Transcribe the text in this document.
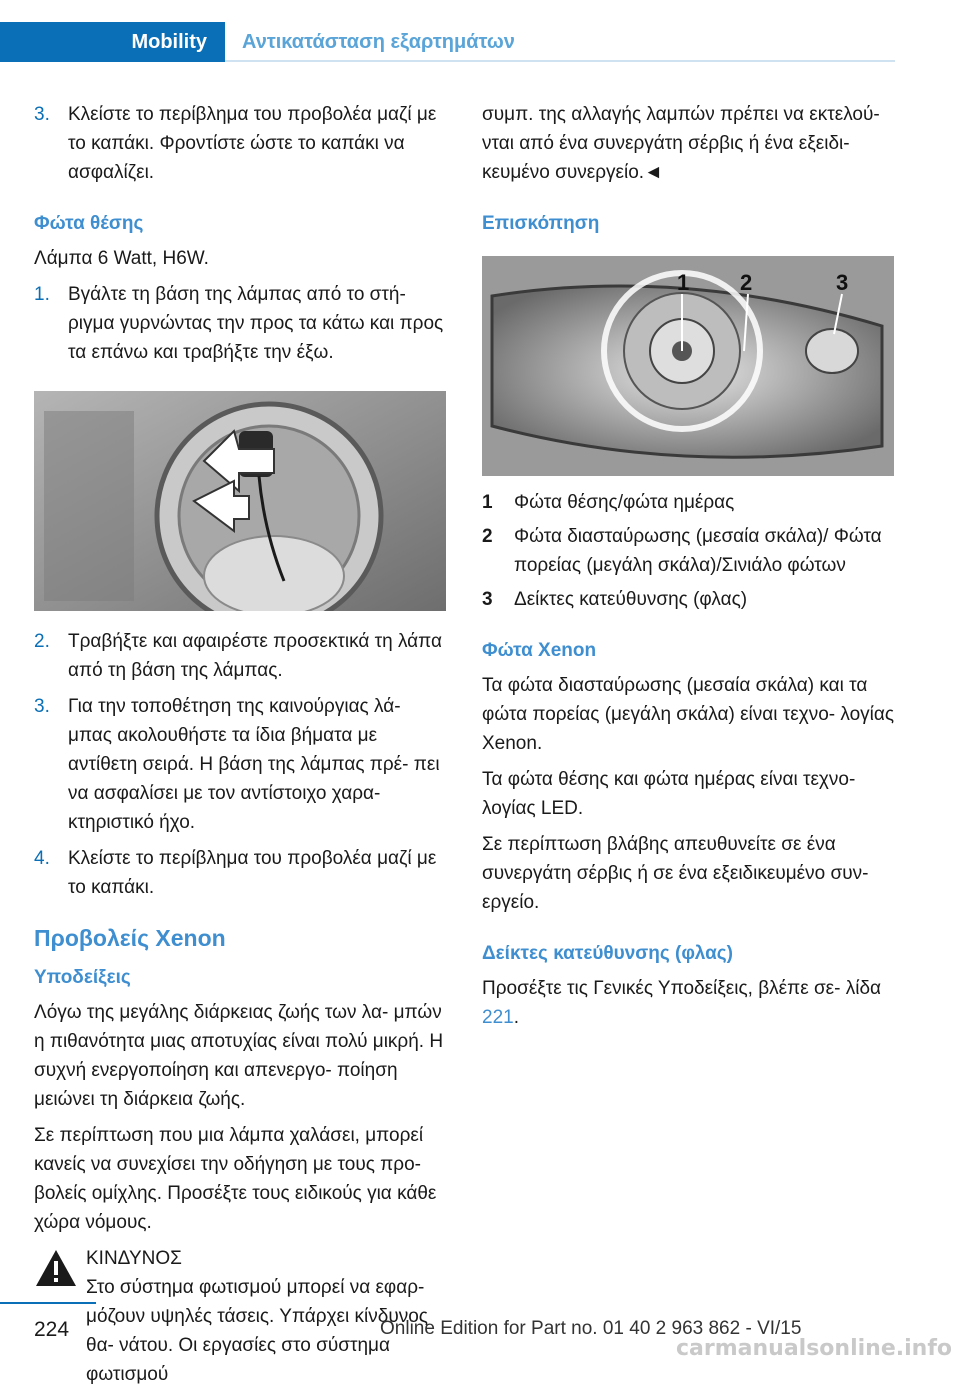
Mobility	Αντικατάσταση εξαρτημάτων
3. Κλείστε το περίβλημα του προβολέα μαζί με το καπάκι. Φροντίστε ώστε το καπάκι να ασφαλίζει.
Φώτα θέσης
Λάμπα 6 Watt, H6W.
1. Βγάλτε τη βάση της λάμπας από το στή‐ ριγμα γυρνώντας την προς τα κάτω και προς τα επάνω και τραβήξτε την έξω.
2. Τραβήξτε και αφαιρέστε προσεκτικά τη λάπα από τη βάση της λάμπας.
3. Για την τοποθέτηση της καινούργιας λά‐ μπας ακολουθήστε τα ίδια βήματα με αντίθετη σειρά. Η βάση της λάμπας πρέ‐ πει να ασφαλίσει με τον αντίστοιχο χαρα‐ κτηριστικό ήχο.
4. Κλείστε το περίβλημα του προβολέα μαζί με το καπάκι.
Προβολείς Xenon
Υποδείξεις
Λόγω της μεγάλης διάρκειας ζωής των λα‐ μπών η πιθανότητα μιας αποτυχίας είναι πολύ μικρή. Η συχνή ενεργοποίηση και απενεργο‐ ποίηση μειώνει τη διάρκεια ζωής.
Σε περίπτωση που μια λάμπα χαλάσει, μπορεί κανείς να συνεχίσει την οδήγηση με τους προ‐ βολείς ομίχλης. Προσέξτε τους ειδικούς για κάθε χώρα νόμους.
ΚΙΝΔΥΝΟΣ
Στο σύστημα φωτισμού μπορεί να εφαρ‐ μόζουν υψηλές τάσεις. Υπάρχει κίνδυνος θα‐ νάτου. Οι εργασίες στο σύστημα φωτισμού
συμπ. της αλλαγής λαμπών πρέπει να εκτελού‐ νται από ένα συνεργάτη σέρβις ή ένα εξειδι‐ κευμένο συνεργείο.◄
Επισκόπηση
1 2	3
1 Φώτα θέσης/φώτα ημέρας
2 Φώτα διασταύρωσης (μεσαία σκάλα)/ Φώτα πορείας (μεγάλη σκάλα)/Σινιάλο φώτων
3 Δείκτες κατεύθυνσης (φλας)
Φώτα Xenon
Τα φώτα διασταύρωσης (μεσαία σκάλα) και τα φώτα πορείας (μεγάλη σκάλα) είναι τεχνο‐ λογίας Xenon.
Τα φώτα θέσης και φώτα ημέρας είναι τεχνο‐ λογίας LED.
Σε περίπτωση βλάβης απευθυνείτε σε ένα συνεργάτη σέρβις ή σε ένα εξειδικευμένο συν‐ εργείο.
Δείκτες κατεύθυνσης (φλας)
Προσέξτε τις Γενικές Υποδείξεις, βλέπε σε‐ λίδα 221.
224	Online Edition for Part no. 01 40 2 963 862 - VI/15
carmanualsonline.info
